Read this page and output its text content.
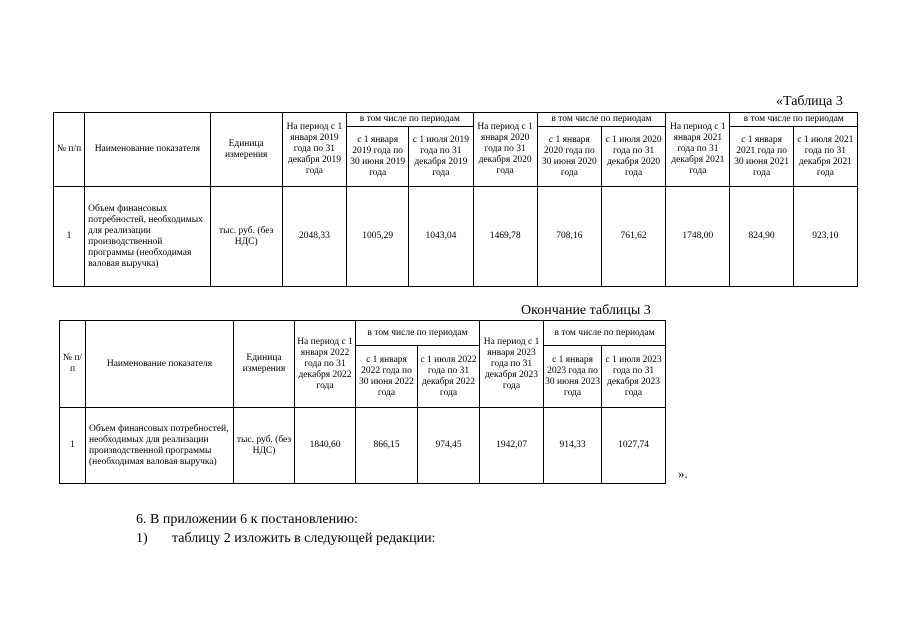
«Таблица 3
№ п/п	Наименование показателя	Единица измерения	На период с 1 января 2019 года по 31 декабря 2019 года	в том числе по периодам		На период с 1 января 2020 года по 31 декабря 2020 года	в том числе по периодам		На период с 1 января 2021 года по 31 декабря 2021 года	в том числе по периодам	
				с 1 января 2019 года по 30 июня 2019 года	с 1 июля 2019 года по 31 декабря 2019 года		с 1 января 2020 года по 30 июня 2020 года	с 1 июля 2020 года по 31 декабря 2020 года		с 1 января 2021 года по 30 июня 2021 года	с 1 июля 2021 года по 31 декабря 2021 года
1	Объем финансовых потребностей, необходимых для реализации производственной программы (необходимая валовая выручка)	тыс. руб. (без НДС)	2048,33	1005,29	1043,04	1469,78	708,16	761,62	1748,00	824,90	923,10
Окончание таблицы 3
№ п/п	Наименование показателя	Единица измерения	На период с 1 января 2022 года по 31 декабря 2022 года	в том числе по периодам		На период с 1 января 2023 года по 31 декабря 2023 года	в том числе по периодам	
				с 1 января 2022 года по 30 июня 2022 года	с 1 июля 2022 года по 31 декабря 2022 года		с 1 января 2023 года по 30 июня 2023 года	с 1 июля 2023 года по 31 декабря 2023 года
1	Объем финансовых потребностей, необходимых для реализации производственной программы (необходимая валовая выручка)	тыс. руб. (без НДС)	1840,60	866,15	974,45	1942,07	914,33	1027,74
».
6. В приложении 6 к постановлению:
1) таблицу 2 изложить в следующей редакции:
